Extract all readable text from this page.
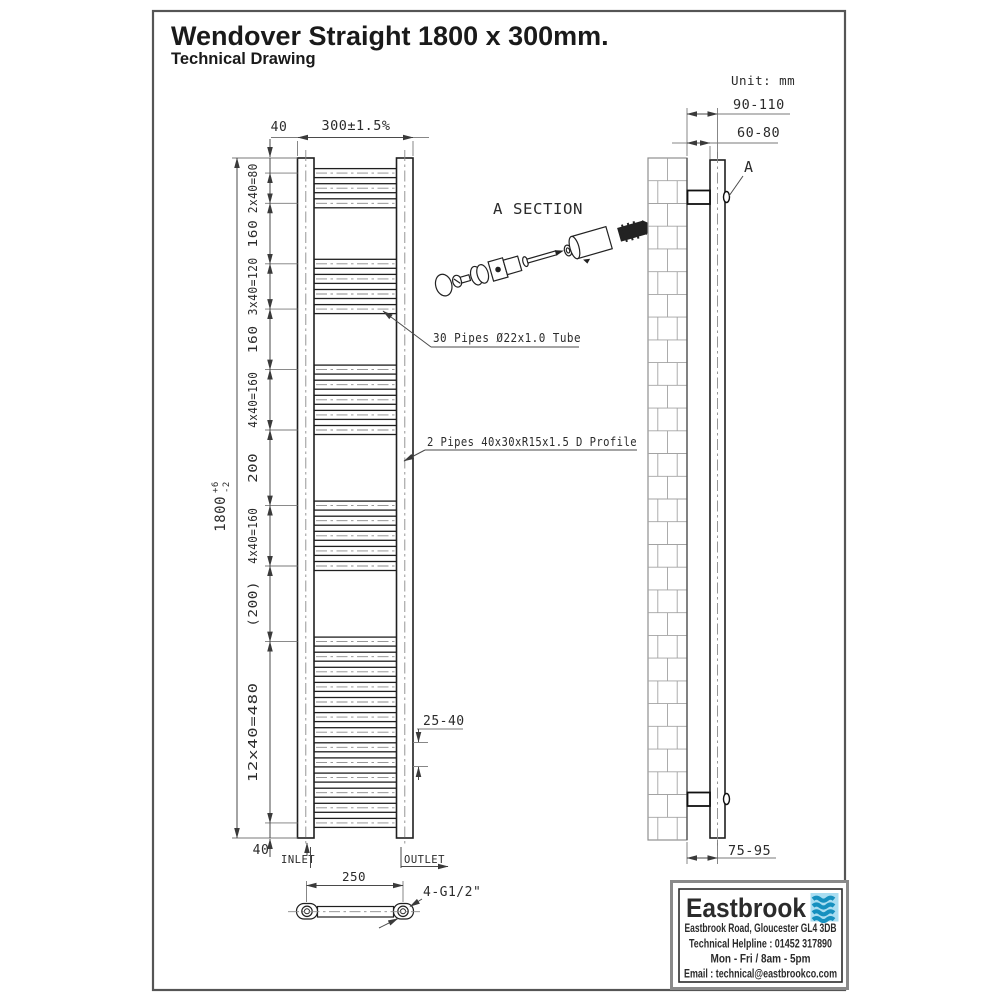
Wendover Straight 1800 x 300mm.
Technical Drawing
Unit: mm
40
2x40=80
160
3x40=120
160
4x40=160
200
4x40=160
(200)
12x40=480
40
1800
+6 -2
300±1.5%
25-40
INLET	OUTLET
A SECTION
30 Pipes Ø22x1.0 Tube
2 Pipes 40x30xR15x1.5 D Profile
90-110
60-80
A
75-95
250
4-G1/2"
Eastbrook
Eastbrook Road, Gloucester GL4 3DB
Technical Helpline : 01452 317890
Mon - Fri / 8am - 5pm
Email : technical@eastbrookco.com
